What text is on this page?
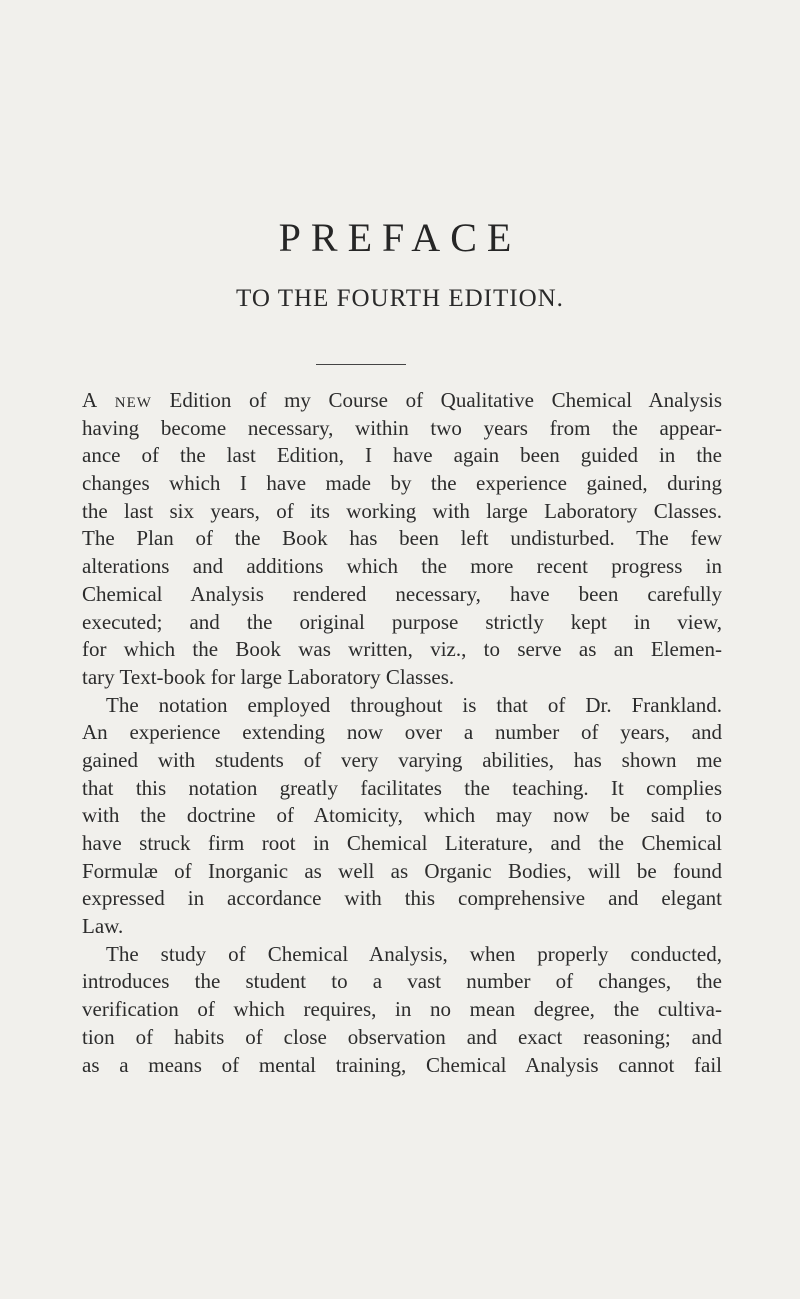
PREFACE
TO THE FOURTH EDITION.
A NEW Edition of my Course of Qualitative Chemical Analysis
having become necessary, within two years from the appear-
ance of the last Edition, I have again been guided in the
changes which I have made by the experience gained, during
the last six years, of its working with large Laboratory Classes.
The Plan of the Book has been left undisturbed. The few
alterations and additions which the more recent progress in
Chemical Analysis rendered necessary, have been carefully
executed; and the original purpose strictly kept in view,
for which the Book was written, viz., to serve as an Elemen-
tary Text-book for large Laboratory Classes.
The notation employed throughout is that of Dr. Frankland.
An experience extending now over a number of years, and
gained with students of very varying abilities, has shown me
that this notation greatly facilitates the teaching. It complies
with the doctrine of Atomicity, which may now be said to
have struck firm root in Chemical Literature, and the Chemical
Formulæ of Inorganic as well as Organic Bodies, will be found
expressed in accordance with this comprehensive and elegant
Law.
The study of Chemical Analysis, when properly conducted,
introduces the student to a vast number of changes, the
verification of which requires, in no mean degree, the cultiva-
tion of habits of close observation and exact reasoning; and
as a means of mental training, Chemical Analysis cannot fail
